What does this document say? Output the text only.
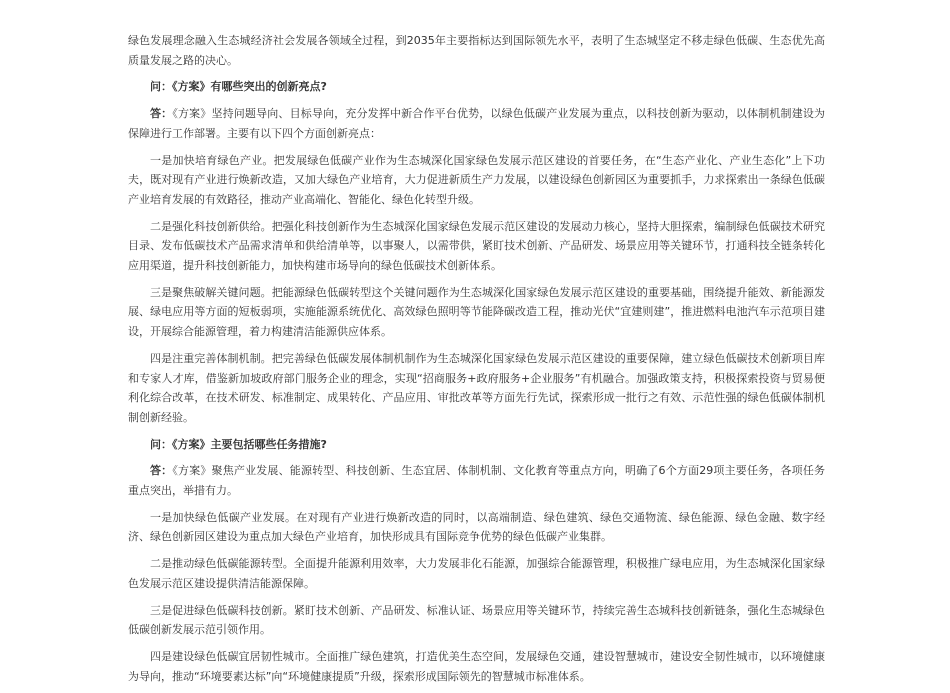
绿色发展理念融入生态城经济社会发展各领域全过程，到2035年主要指标达到国际领先水平，表明了生态城坚定不移走绿色低碳、生态优先高质量发展之路的决心。

问：《方案》有哪些突出的创新亮点?

答：《方案》坚持问题导向、目标导向，充分发挥中新合作平台优势，以绿色低碳产业发展为重点，以科技创新为驱动，以体制机制建设为保障进行工作部署。主要有以下四个方面创新亮点：

一是加快培育绿色产业。把发展绿色低碳产业作为生态城深化国家绿色发展示范区建设的首要任务，在“生态产业化、产业生态化”上下功夫，既对现有产业进行焕新改造，又加大绿色产业培育，大力促进新质生产力发展，以建设绿色创新园区为重要抓手，力求探索出一条绿色低碳产业培育发展的有效路径，推动产业高端化、智能化、绿色化转型升级。

二是强化科技创新供给。把强化科技创新作为生态城深化国家绿色发展示范区建设的发展动力核心，坚持大胆探索，编制绿色低碳技术研究目录、发布低碳技术产品需求清单和供给清单等，以事聚人，以需带供，紧盯技术创新、产品研发、场景应用等关键环节，打通科技全链条转化应用渠道，提升科技创新能力，加快构建市场导向的绿色低碳技术创新体系。

三是聚焦破解关键问题。把能源绿色低碳转型这个关键问题作为生态城深化国家绿色发展示范区建设的重要基础，围绕提升能效、新能源发展、绿电应用等方面的短板弱项，实施能源系统优化、高效绿色照明等节能降碳改造工程，推动光伏“宜建则建”，推进燃料电池汽车示范项目建设，开展综合能源管理，着力构建清洁能源供应体系。

四是注重完善体制机制。把完善绿色低碳发展体制机制作为生态城深化国家绿色发展示范区建设的重要保障，建立绿色低碳技术创新项目库和专家人才库，借鉴新加坡政府部门服务企业的理念，实现“招商服务+政府服务+企业服务”有机融合。加强政策支持，积极探索投资与贸易便利化综合改革，在技术研发、标准制定、成果转化、产品应用、审批改革等方面先行先试，探索形成一批行之有效、示范性强的绿色低碳体制机制创新经验。

问：《方案》主要包括哪些任务措施?

答：《方案》聚焦产业发展、能源转型、科技创新、生态宜居、体制机制、文化教育等重点方向，明确了6个方面29项主要任务，各项任务重点突出，举措有力。

一是加快绿色低碳产业发展。在对现有产业进行焕新改造的同时，以高端制造、绿色建筑、绿色交通物流、绿色能源、绿色金融、数字经济、绿色创新园区建设为重点加大绿色产业培育，加快形成具有国际竞争优势的绿色低碳产业集群。

二是推动绿色低碳能源转型。全面提升能源利用效率，大力发展非化石能源，加强综合能源管理，积极推广绿电应用，为生态城深化国家绿色发展示范区建设提供清洁能源保障。

三是促进绿色低碳科技创新。紧盯技术创新、产品研发、标准认证、场景应用等关键环节，持续完善生态城科技创新链条，强化生态城绿色低碳创新发展示范引领作用。

四是建设绿色低碳宜居韧性城市。全面推广绿色建筑，打造优美生态空间，发展绿色交通，建设智慧城市，建设安全韧性城市，以环境健康为导向，推动“环境要素达标”向“环境健康提质”升级，探索形成国际领先的智慧城市标准体系。
